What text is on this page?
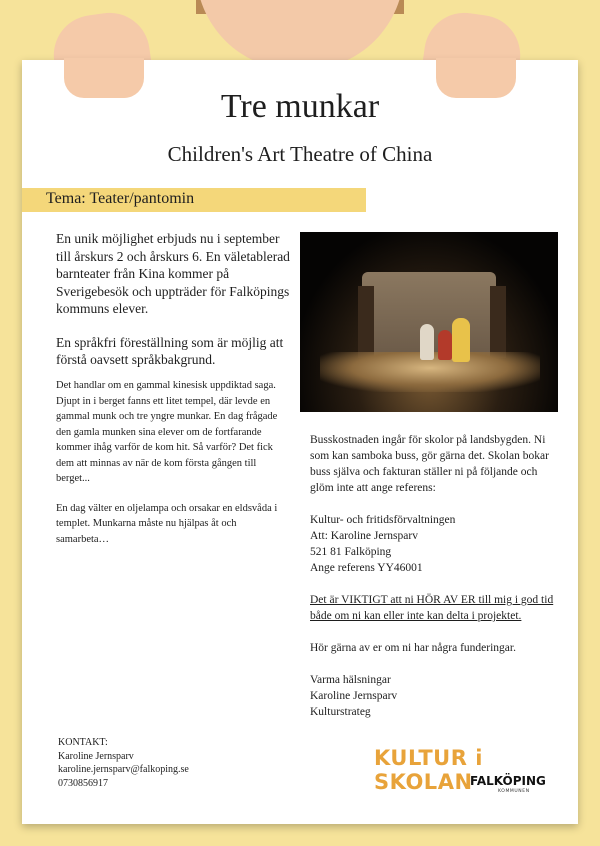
Tre munkar
Children's Art Theatre of China
Tema: Teater/pantomin

En unik möjlighet erbjuds nu i september till årskurs 2 och årskurs 6. En väletablerad barnteater från Kina kommer på Sverigebesök och uppträder för Falköpings kommuns elever.

En språkfri föreställning som är möjlig att förstå oavsett språkbakgrund.

Det handlar om en gammal kinesisk uppdiktad saga. Djupt in i berget fanns ett litet tempel, där levde en gammal munk och tre yngre munkar. En dag frågade den gamla munken sina elever om de fortfarande kommer ihåg varför de kom hit. Så varför? Det fick dem att minnas av när de kom första gången till berget...

En dag välter en oljelampa och orsakar en eldsvåda i templet. Munkarna måste nu hjälpas åt och samarbeta…

Busskostnaden ingår för skolor på landsbygden. Ni som kan samboka buss, gör gärna det. Skolan bokar buss själva och fakturan ställer ni på följande och glöm inte att ange referens:

Kultur- och fritidsförvaltningen
Att: Karoline Jernsparv
521 81 Falköping
Ange referens YY46001

Det är VIKTIGT att ni HÖR AV ER till mig i god tid både om ni kan eller inte kan delta i projektet.

Hör gärna av er om ni har några funderingar.

Varma hälsningar
Karoline Jernsparv
Kulturstrateg

KONTAKT:
Karoline Jernsparv
karoline.jernsparv@falkoping.se
0730856917
KULTUR i SKOLAN
FALKÖPING
KOMMUNEN
